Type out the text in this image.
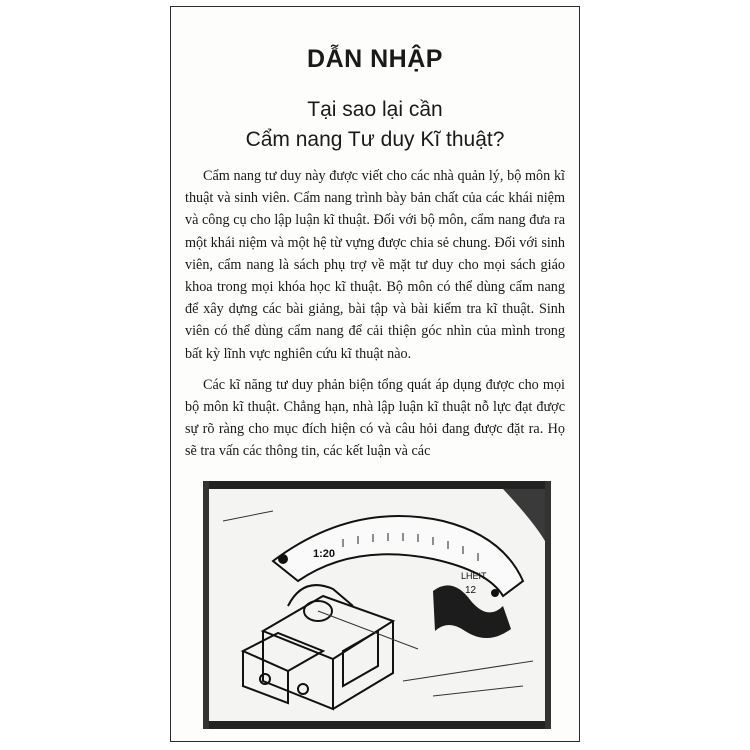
DẪN NHẬP
Tại sao lại cần
Cẩm nang Tư duy Kĩ thuật?

Cẩm nang tư duy này được viết cho các nhà quản lý, bộ môn kĩ thuật và sinh viên. Cẩm nang trình bày bản chất của các khái niệm và công cụ cho lập luận kĩ thuật. Đối với bộ môn, cẩm nang đưa ra một khái niệm và một hệ từ vựng được chia sẻ chung. Đối với sinh viên, cẩm nang là sách phụ trợ về mặt tư duy cho mọi sách giáo khoa trong mọi khóa học kĩ thuật. Bộ môn có thể dùng cẩm nang để xây dựng các bài giảng, bài tập và bài kiểm tra kĩ thuật. Sinh viên có thể dùng cẩm nang để cải thiện góc nhìn của mình trong bất kỳ lĩnh vực nghiên cứu kĩ thuật nào.

Các kĩ năng tư duy phản biện tổng quát áp dụng được cho mọi bộ môn kĩ thuật. Chẳng hạn, nhà lập luận kĩ thuật nỗ lực đạt được sự rõ ràng cho mục đích hiện có và câu hỏi đang được đặt ra. Họ sẽ tra vấn các thông tin, các kết luận và các

1:20
LHEIT
12
